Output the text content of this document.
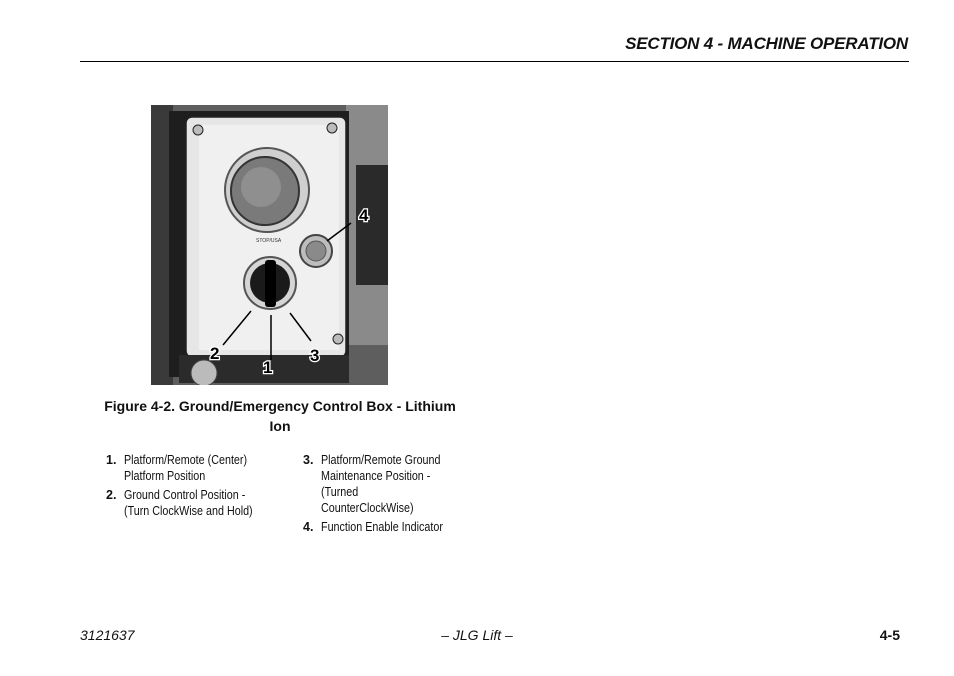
SECTION 4 - MACHINE OPERATION
STOP/USA
4
2
1
3
Figure 4-2. Ground/Emergency Control Box - Lithium
Ion
1. Platform/Remote (Center) Platform Position
2. Ground Control Position - (Turn ClockWise and Hold)
3. Platform/Remote Ground Maintenance Position - (Turned CounterClockWise)
4. Function Enable Indicator
3121637	– JLG Lift –	4-5
